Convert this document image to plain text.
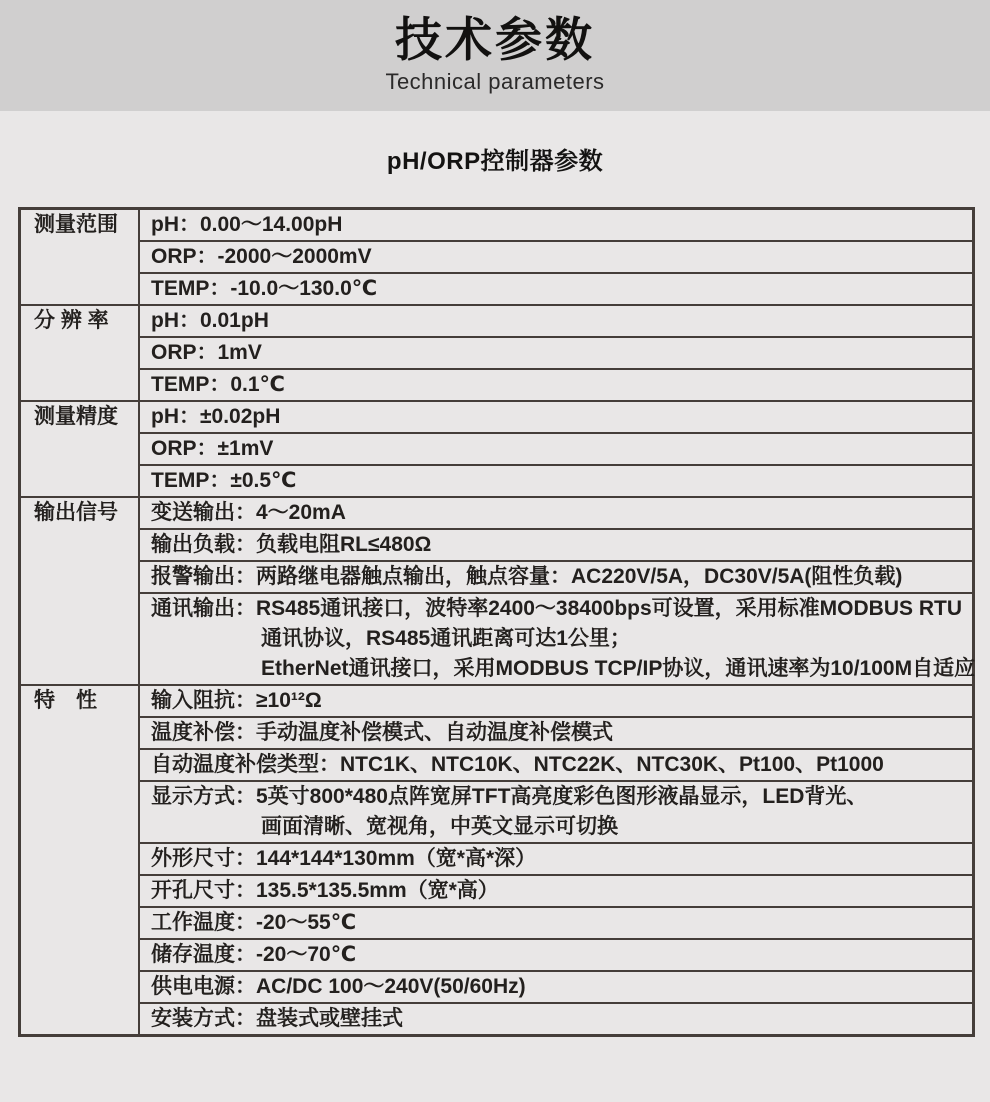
技术参数
Technical parameters
pH/ORP控制器参数
测量范围	pH：0.00～14.00pH
ORP：-2000～2000mV
TEMP：-10.0～130.0℃
分 辨 率	pH：0.01pH
ORP：1mV
TEMP：0.1℃
测量精度	pH：±0.02pH
ORP：±1mV
TEMP：±0.5℃
输出信号	变送输出：4～20mA
输出负载：负载电阻RL≤480Ω
报警输出：两路继电器触点输出，触点容量：AC220V/5A，DC30V/5A(阻性负载)
通讯输出：RS485通讯接口，波特率2400～38400bps可设置，采用标准MODBUS RTU
通讯协议，RS485通讯距离可达1公里；
EtherNet通讯接口，采用MODBUS TCP/IP协议，通讯速率为10/100M自适应
特　性	输入阻抗：≥10¹²Ω
温度补偿：手动温度补偿模式、自动温度补偿模式
自动温度补偿类型：NTC1K、NTC10K、NTC22K、NTC30K、Pt100、Pt1000
显示方式：5英寸800*480点阵宽屏TFT高亮度彩色图形液晶显示，LED背光、
画面清晰、宽视角，中英文显示可切换
外形尺寸：144*144*130mm（宽*高*深）
开孔尺寸：135.5*135.5mm（宽*高）
工作温度：-20～55℃
储存温度：-20～70℃
供电电源：AC/DC 100～240V(50/60Hz)
安装方式：盘装式或壁挂式
